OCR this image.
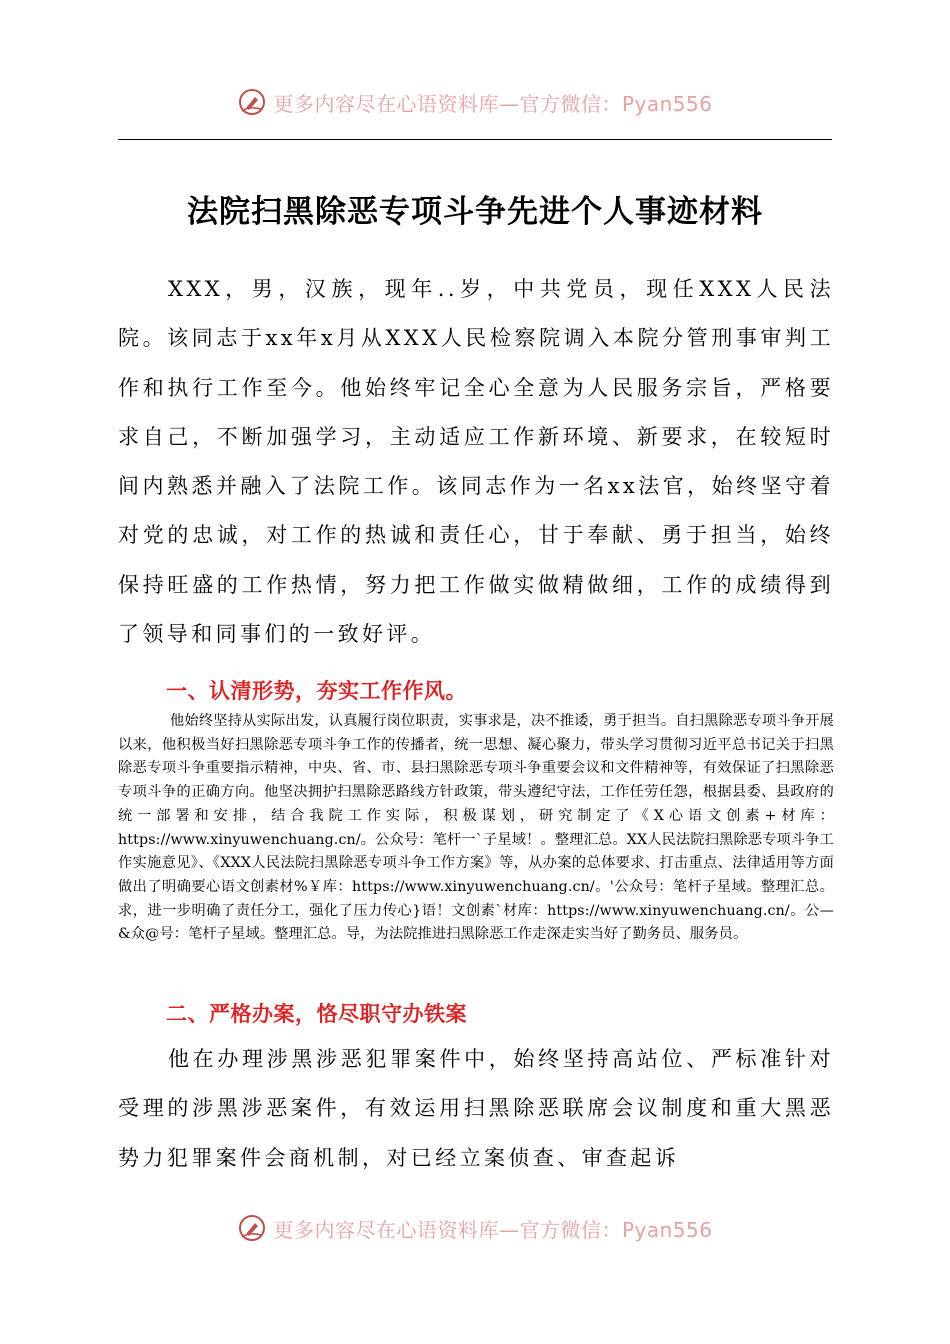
更多内容尽在心语资料库—官方微信：Pyan556
法院扫黑除恶专项斗争先进个人事迹材料

XXX，男，汉族，现年..岁，中共党员，现任XXX人民法院。该同志于xx年x月从XXX人民检察院调入本院分管刑事审判工作和执行工作至今。他始终牢记全心全意为人民服务宗旨，严格要求自己，不断加强学习，主动适应工作新环境、新要求，在较短时间内熟悉并融入了法院工作。该同志作为一名xx法官，始终坚守着对党的忠诚，对工作的热诚和责任心，甘于奉献、勇于担当，始终保持旺盛的工作热情，努力把工作做实做精做细，工作的成绩得到了领导和同事们的一致好评。

一、认清形势，夯实工作作风。

他始终坚持从实际出发，认真履行岗位职责，实事求是，决不推诿，勇于担当。自扫黑除恶专项斗争开展以来，他积极当好扫黑除恶专项斗争工作的传播者，统一思想、凝心聚力，带头学习贯彻习近平总书记关于扫黑除恶专项斗争重要指示精神，中央、省、市、县扫黑除恶专项斗争重要会议和文件精神等，有效保证了扫黑除恶专项斗争的正确方向。他坚决拥护扫黑除恶路线方针政策，带头遵纪守法，工作任劳任怨，根据县委、县政府的统一部署和安排，结合我院工作实际，积极谋划，研究制定了《X心语文创素+材库：https://www.xinyuwenchuang.cn/。公众号：笔杆一`子星域！。整理汇总。XX人民法院扫黑除恶专项斗争工作实施意见》、《XXX人民法院扫黑除恶专项斗争工作方案》等，从办案的总体要求、打击重点、法律适用等方面做出了明确要心语文创素材%￥库：https://www.xinyuwenchuang.cn/。'公众号：笔杆子星域。整理汇总。求，进一步明确了责任分工，强化了压力传心}语！文创素`材库：https://www.xinyuwenchuang.cn/。公—&众@号：笔杆子星域。整理汇总。导，为法院推进扫黑除恶工作走深走实当好了勤务员、服务员。

二、严格办案，恪尽职守办铁案

他在办理涉黑涉恶犯罪案件中，始终坚持高站位、严标准针对受理的涉黑涉恶案件，有效运用扫黑除恶联席会议制度和重大黑恶势力犯罪案件会商机制，对已经立案侦查、审查起诉

更多内容尽在心语资料库—官方微信：Pyan556
